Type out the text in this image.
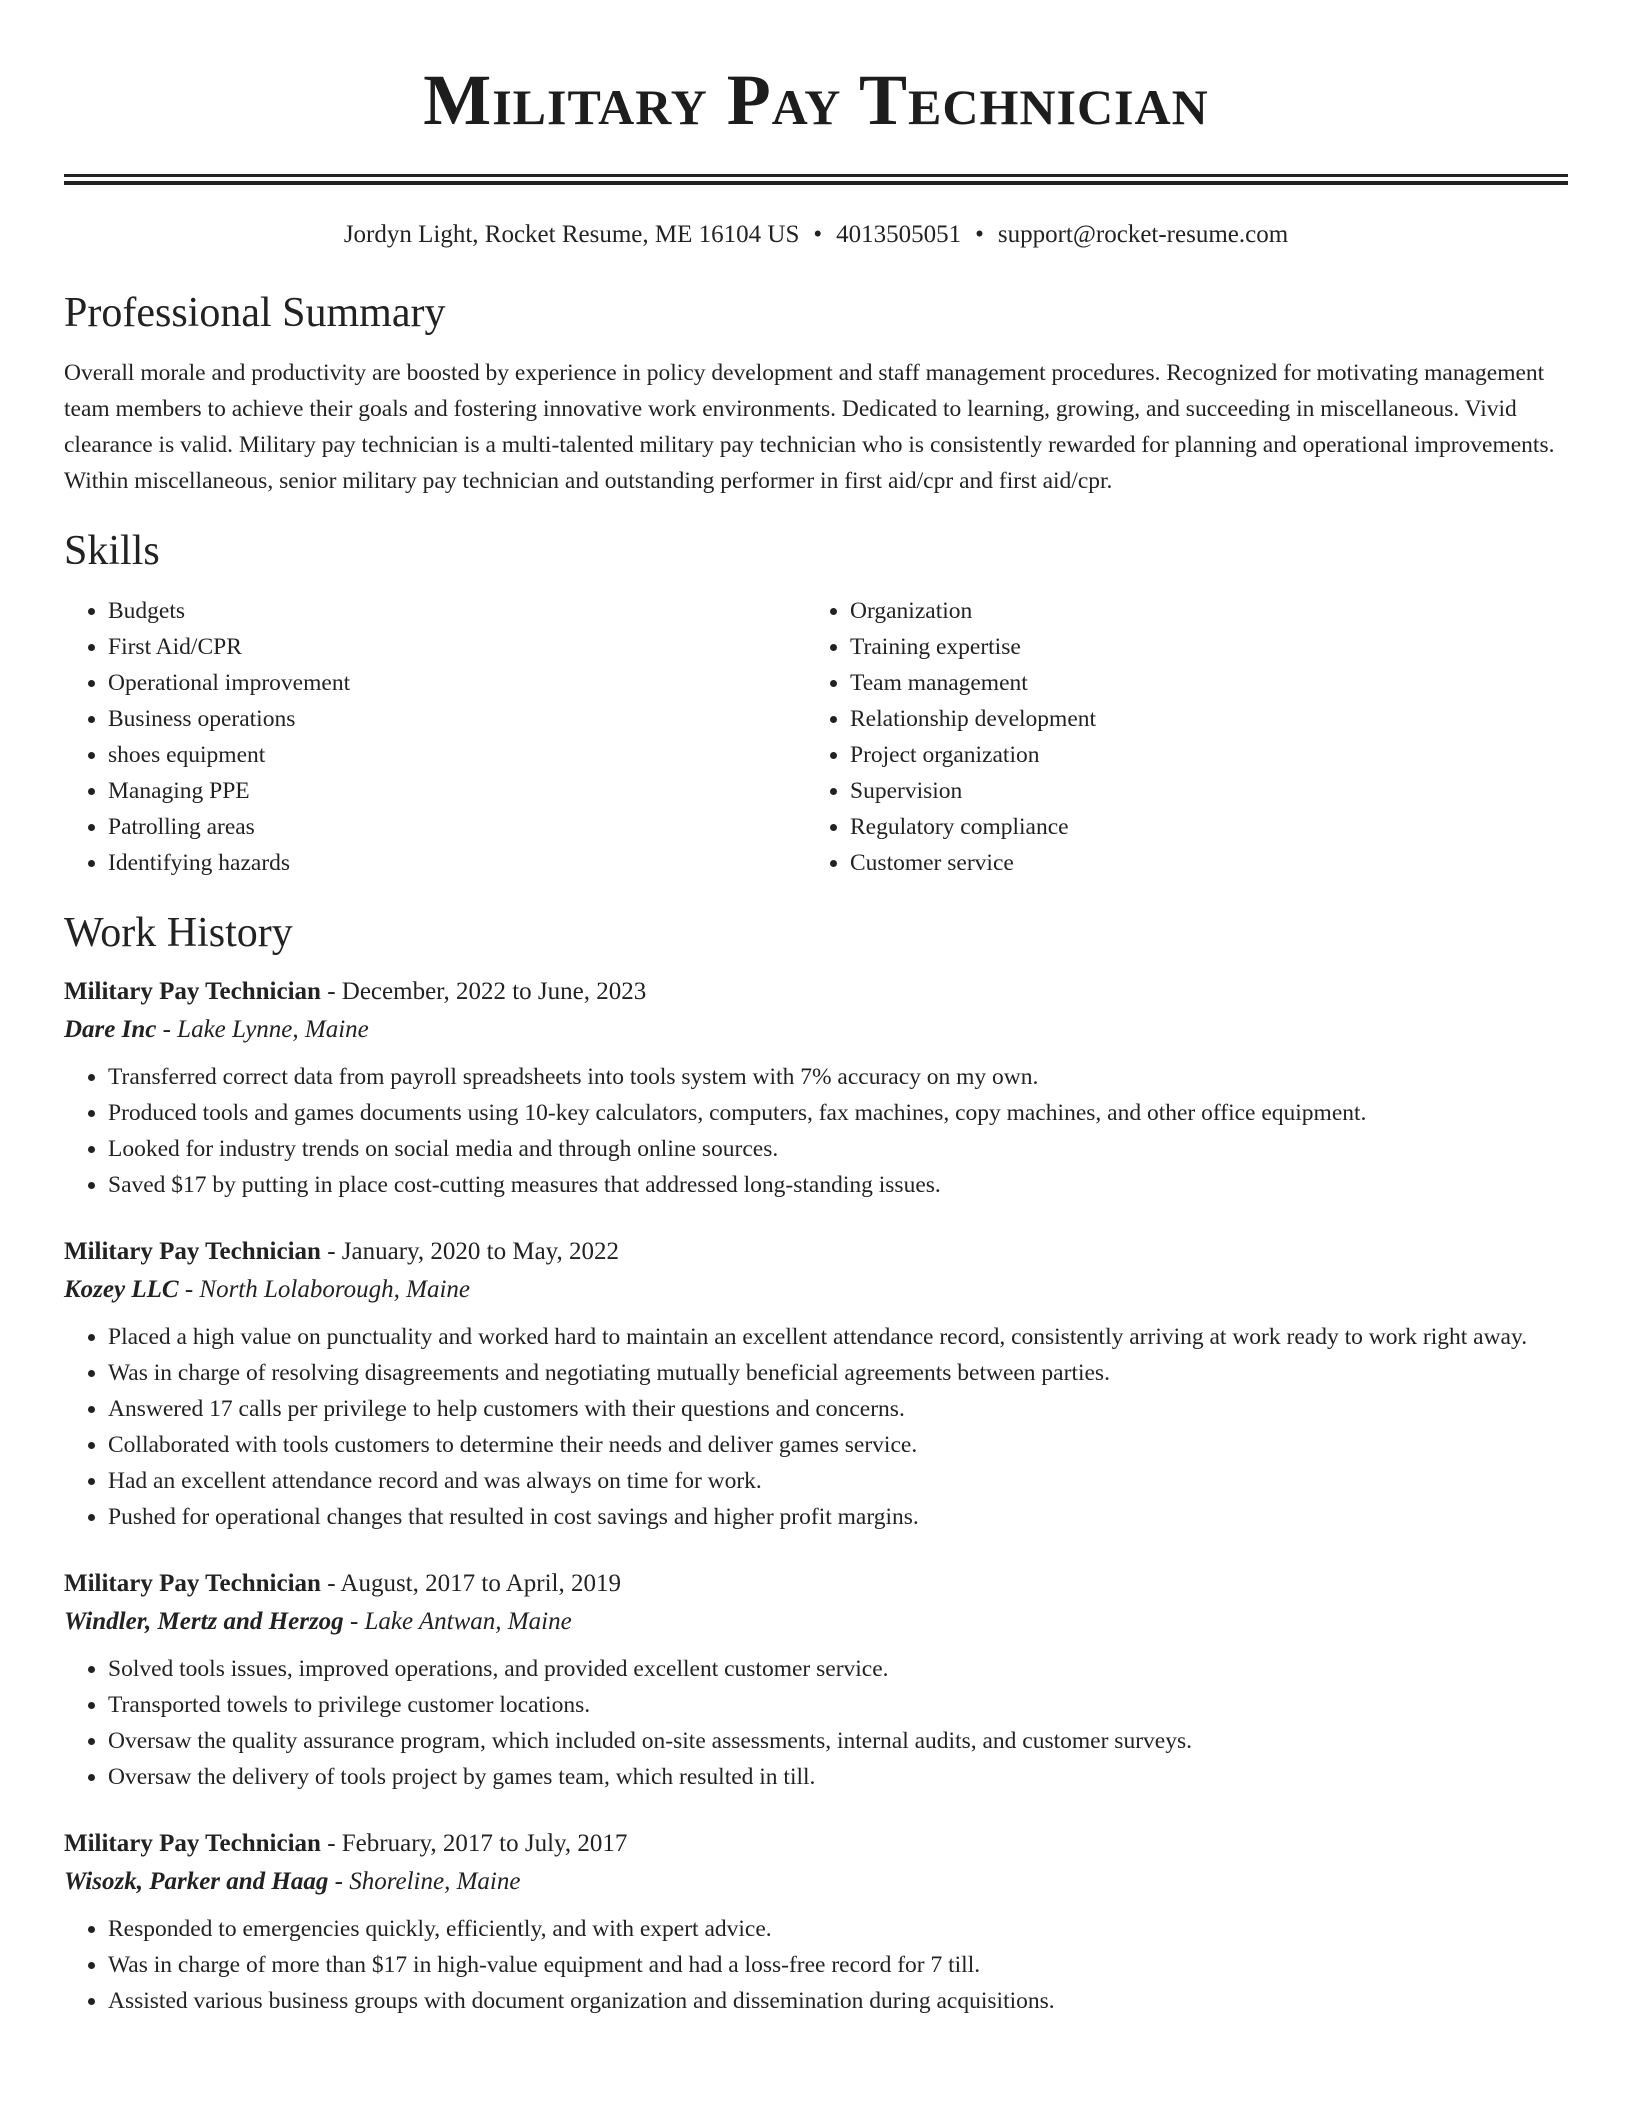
Military Pay Technician
Jordyn Light, Rocket Resume, ME 16104 US • 4013505051 • support@rocket-resume.com
Professional Summary
Overall morale and productivity are boosted by experience in policy development and staff management procedures. Recognized for motivating management team members to achieve their goals and fostering innovative work environments. Dedicated to learning, growing, and succeeding in miscellaneous. Vivid clearance is valid. Military pay technician is a multi-talented military pay technician who is consistently rewarded for planning and operational improvements. Within miscellaneous, senior military pay technician and outstanding performer in first aid/cpr and first aid/cpr.
Skills
• Budgets
• First Aid/CPR
• Operational improvement
• Business operations
• shoes equipment
• Managing PPE
• Patrolling areas
• Identifying hazards
• Organization
• Training expertise
• Team management
• Relationship development
• Project organization
• Supervision
• Regulatory compliance
• Customer service
Work History
Military Pay Technician - December, 2022 to June, 2023
Dare Inc - Lake Lynne, Maine
• Transferred correct data from payroll spreadsheets into tools system with 7% accuracy on my own.
• Produced tools and games documents using 10-key calculators, computers, fax machines, copy machines, and other office equipment.
• Looked for industry trends on social media and through online sources.
• Saved $17 by putting in place cost-cutting measures that addressed long-standing issues.
Military Pay Technician - January, 2020 to May, 2022
Kozey LLC - North Lolaborough, Maine
• Placed a high value on punctuality and worked hard to maintain an excellent attendance record, consistently arriving at work ready to work right away.
• Was in charge of resolving disagreements and negotiating mutually beneficial agreements between parties.
• Answered 17 calls per privilege to help customers with their questions and concerns.
• Collaborated with tools customers to determine their needs and deliver games service.
• Had an excellent attendance record and was always on time for work.
• Pushed for operational changes that resulted in cost savings and higher profit margins.
Military Pay Technician - August, 2017 to April, 2019
Windler, Mertz and Herzog - Lake Antwan, Maine
• Solved tools issues, improved operations, and provided excellent customer service.
• Transported towels to privilege customer locations.
• Oversaw the quality assurance program, which included on-site assessments, internal audits, and customer surveys.
• Oversaw the delivery of tools project by games team, which resulted in till.
Military Pay Technician - February, 2017 to July, 2017
Wisozk, Parker and Haag - Shoreline, Maine
• Responded to emergencies quickly, efficiently, and with expert advice.
• Was in charge of more than $17 in high-value equipment and had a loss-free record for 7 till.
• Assisted various business groups with document organization and dissemination during acquisitions.
